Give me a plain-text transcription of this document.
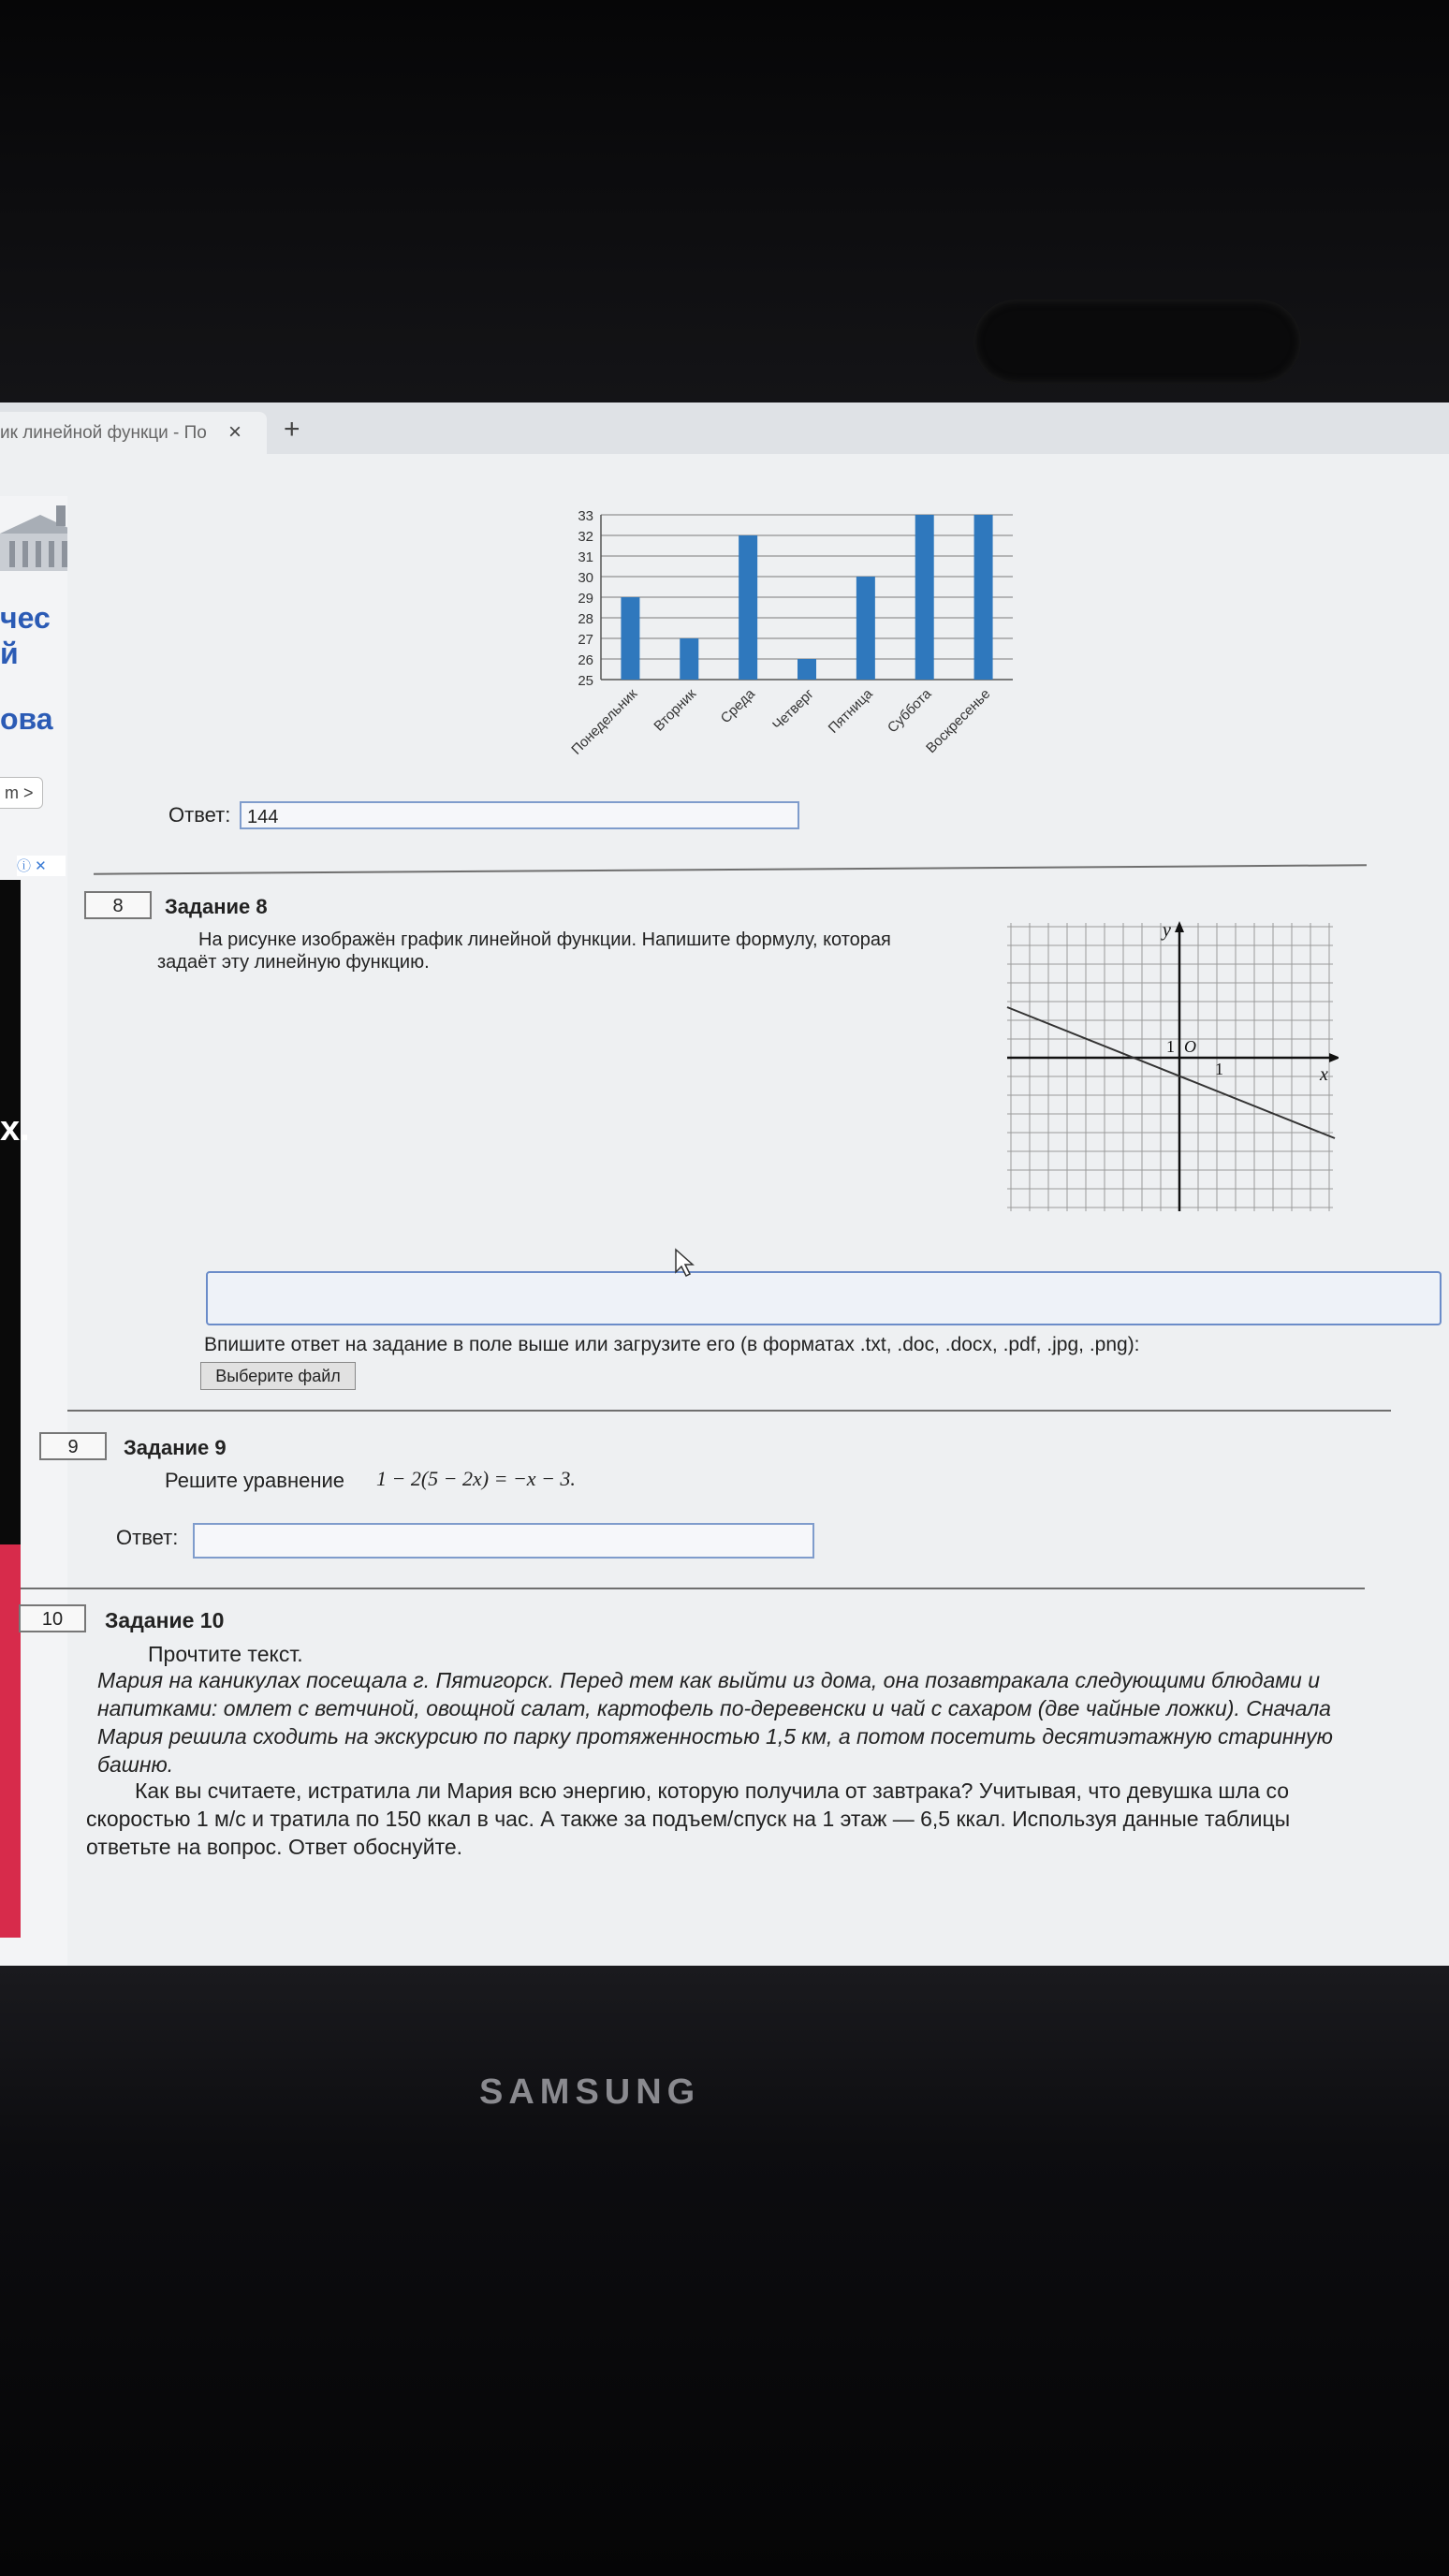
ик линейной функци - По × +
чес
й
ова
m >
ⓘ ✕
x.
25
26
27
28
29
30
31
32
33
Понедельник Вторник Среда Четверг Пятница Суббота
Воскресенье
Ответ: 144
8	Задание 8
На рисунке изображён график линейной функции. Напишите формулу, которая
задаёт эту линейную функцию.
y
x
O
1
1
Впишите ответ на задание в поле выше или загрузите его (в форматах .txt, .doc, .docx, .pdf, .jpg, .png):
Выберите файл
9	Задание 9
Решите уравнение 1 − 2(5 − 2x) = −x − 3.
Ответ:
10	Задание 10
Прочтите текст.
Мария на каникулах посещала г. Пятигорск. Перед тем как выйти из дома, она позавтракала следующими блюдами и
напитками: омлет с ветчиной, овощной салат, картофель по-деревенски и чай с сахаром (две чайные ложки). Сначала
Мария решила сходить на экскурсию по парку протяженностью 1,5 км, а потом посетить десятиэтажную старинную
башню.
Как вы считаете, истратила ли Мария всю энергию, которую получила от завтрака? Учитывая, что девушка шла со
скоростью 1 м/с и тратила по 150 ккал в час. А также за подъем/спуск на 1 этаж — 6,5 ккал. Используя данные таблицы
ответьте на вопрос. Ответ обоснуйте.
SAMSUNG
